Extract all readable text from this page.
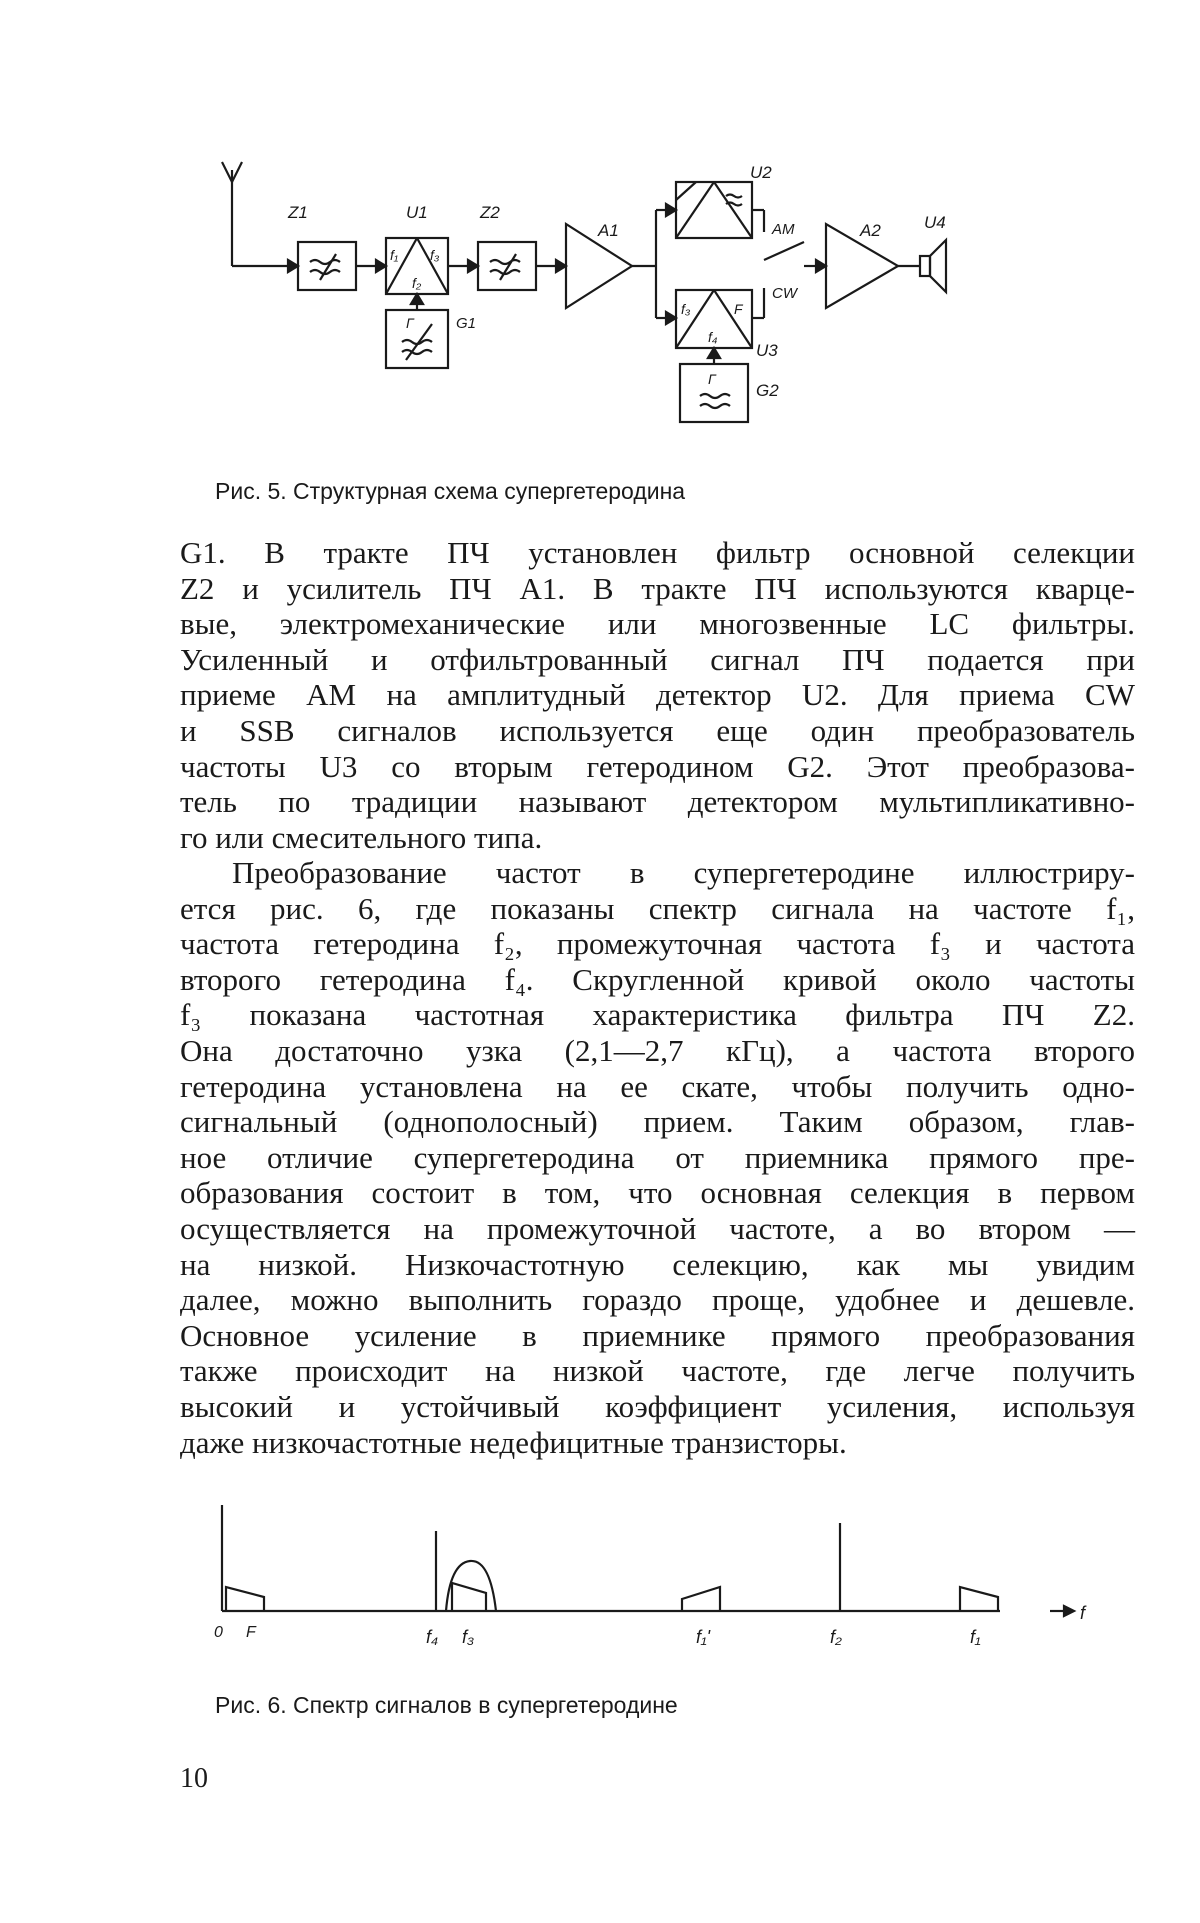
Z1
f₁ f₃
f₂
U1
Г	G1
Z2
A1
U2
AM
f₃	F
f₄
U3
CW
Г
G2
A2	U4
Рис. 5. Структурная схема супергетеродина
G1. В тракте ПЧ установлен фильтр основной селекции
Z2 и усилитель ПЧ A1. В тракте ПЧ используются кварце-
вые, электромеханические или многозвенные LC фильтры.
Усиленный и отфильтрованный сигнал ПЧ подается при
приеме АМ на амплитудный детектор U2. Для приема CW
и SSB сигналов используется еще один преобразователь
частоты U3 со вторым гетеродином G2. Этот преобразова-
тель по традиции называют детектором мультипликативно-
го или смесительного типа.
Преобразование частот в супергетеродине иллюстриру-
ется рис. 6, где показаны спектр сигнала на частоте f₁,
частота гетеродина f₂, промежуточная частота f₃ и частота
второго гетеродина f₄. Скругленной кривой около частоты
f₃ показана частотная характеристика фильтра ПЧ Z2.
Она достаточно узка (2,1—2,7 кГц), а частота второго
гетеродина установлена на ее скате, чтобы получить одно-
сигнальный (однополосный) прием. Таким образом, глав-
ное отличие супергетеродина от приемника прямого пре-
образования состоит в том, что основная селекция в первом
осуществляется на промежуточной частоте, а во втором —
на низкой. Низкочастотную селекцию, как мы увидим
далее, можно выполнить гораздо проще, удобнее и дешевле.
Основное усиление в приемнике прямого преобразования
также происходит на низкой частоте, где легче получить
высокий и устойчивый коэффициент усиления, используя
даже низкочастотные недефицитные транзисторы.
0 F	f₄ f₃	f₁'	f₂	f₁
f
Рис. 6. Спектр сигналов в супергетеродине
10
